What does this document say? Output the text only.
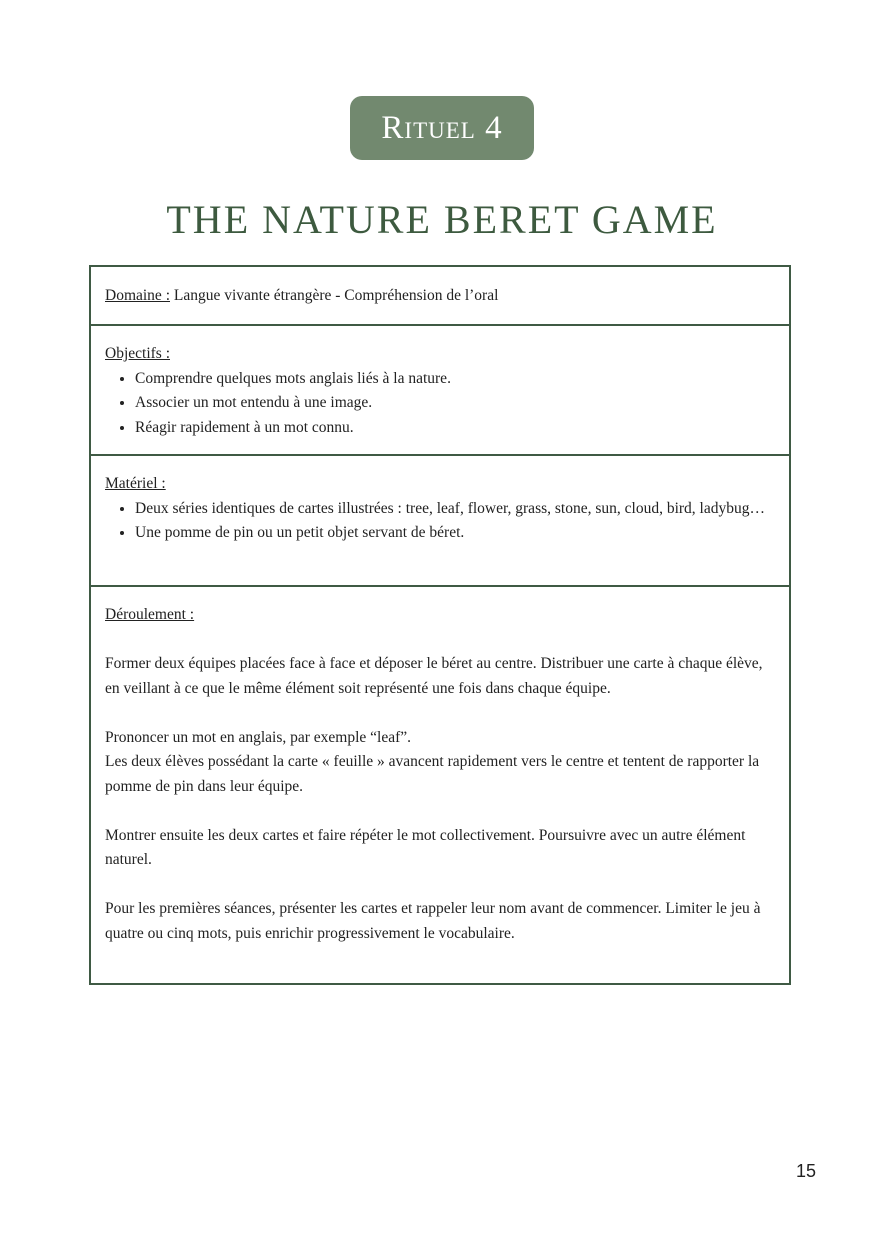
Rituel 4
THE NATURE BERET GAME
Domaine : Langue vivante étrangère - Compréhension de l’oral
Objectifs :
• Comprendre quelques mots anglais liés à la nature.
• Associer un mot entendu à une image.
• Réagir rapidement à un mot connu.
Matériel :
• Deux séries identiques de cartes illustrées : tree, leaf, flower, grass, stone, sun, cloud, bird, ladybug…
• Une pomme de pin ou un petit objet servant de béret.
Déroulement :

Former deux équipes placées face à face et déposer le béret au centre. Distribuer une carte à chaque élève, en veillant à ce que le même élément soit représenté une fois dans chaque équipe.

Prononcer un mot en anglais, par exemple “leaf”.

Les deux élèves possédant la carte « feuille » avancent rapidement vers le centre et tentent de rapporter la pomme de pin dans leur équipe.

Montrer ensuite les deux cartes et faire répéter le mot collectivement. Poursuivre avec un autre élément naturel.

Pour les premières séances, présenter les cartes et rappeler leur nom avant de commencer. Limiter le jeu à quatre ou cinq mots, puis enrichir progressivement le vocabulaire.

15
